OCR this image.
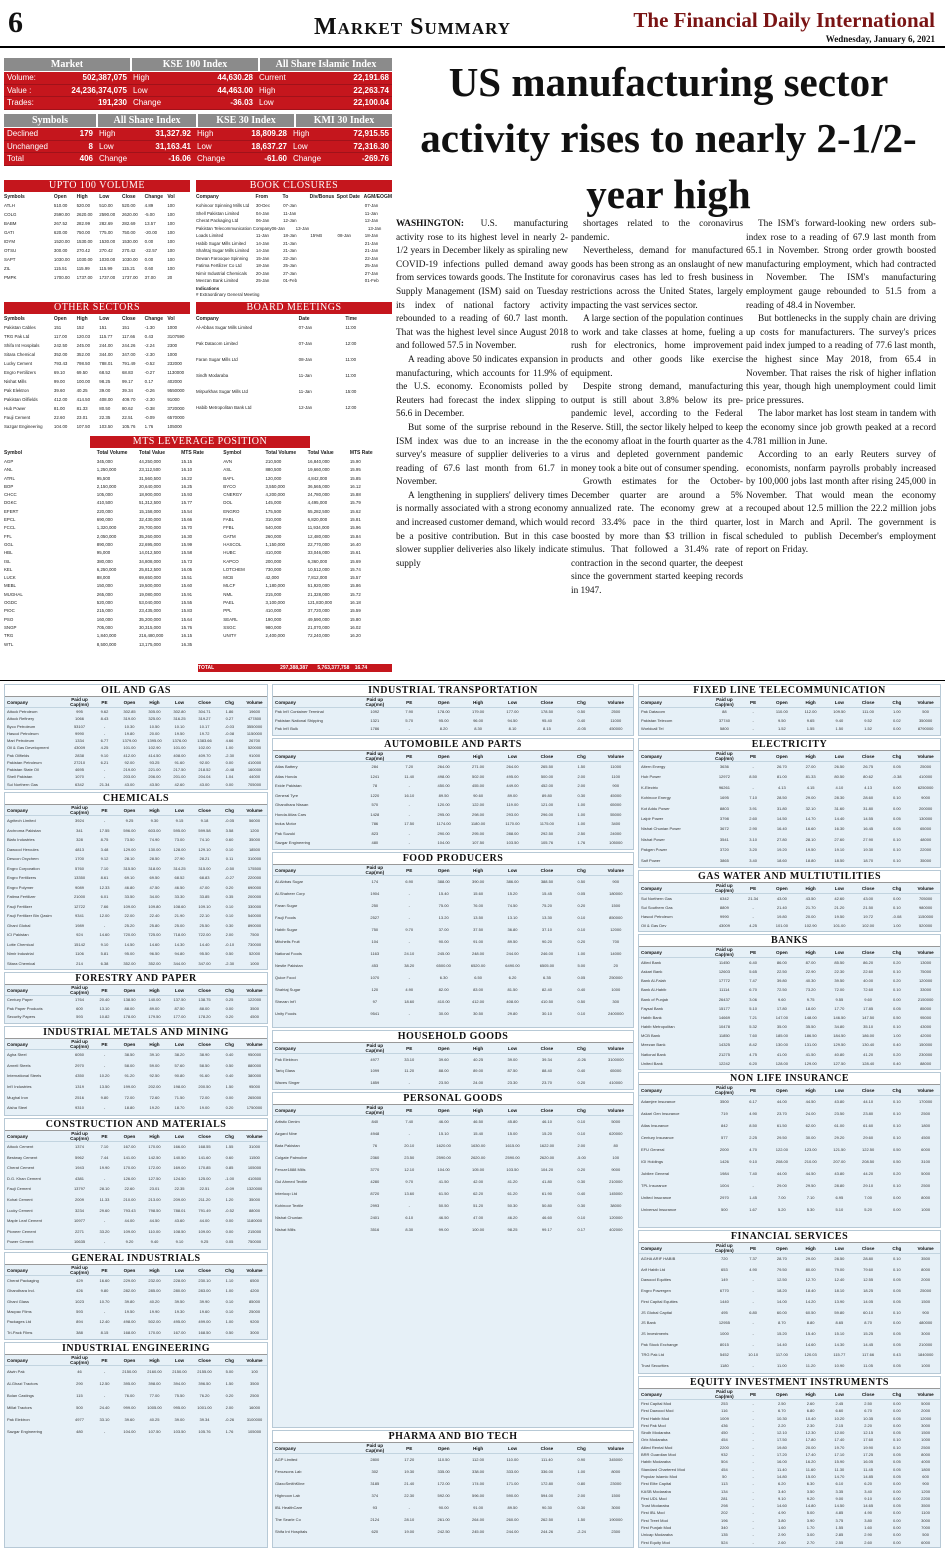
6	Market Summary	The Financial Daily International
Wednesday, January 6, 2021
Market	KSE 100 Index	All Share Islamic Index
Volume:	502,387,075 High	44,630.28 Current	22,191.68
Value :	24,236,374,075 Low	44,463.00 High	22,263.74
Trades:	191,230 Change	-36.03 Low	22,100.04
Symbols	All Share Index	KSE 30 Index	KMI 30 Index
Declined	179 High	31,327.92 High	18,809.28 High	72,915.55
Unchanged	8 Low	31,163.41 Low	18,637.27 Low	72,316.30
Total	406 Change	-16.06 Change	-61.60 Change	-269.76
UPTO 100 VOLUME
Symbols	Open	High	Low	Close	Change Vol
ATLH	510.00	520.00	510.00	520.00	4.89	100
COLG	2590.00	2620.00	2590.00	2620.00	-5.00	100
BABM	267.52	282.99	282.69	282.69	13.57	100
GATI	620.00	750.00	775.00	750.00	-20.00	100
IDYM	1520.00	1530.00	1530.00	1530.00	0.00	100
OTSU	300.00	270.42	270.42	270.42	-22.57	100
SAPT	1030.00	1030.00	1030.00	1030.00	0.00	100
ZIL	115.51	115.99	115.99	115.21	0.60	100
PMPK	1700.00	1737.00	1737.00	1737.00	37.00	20
BOOK CLOSURES
Company	From	To	Div/Bonus Spot Date AGM/EOGM
Kohinoor Spinning Mills Ltd	30-Dec	07-Jan	07-Jan
Shell Pakistan Limited	04-Jan	11-Jan	11-Jan
Cherat Packaging Ltd	06-Jan	12-Jan	12-Jan
Pakistan Telecommunication Company 06-Jan	13-Jan	13-Jan
Loads Limited	11-Jan	18-Jan	15%B	08-Jan	18-Jan
Habib Sugar Mills Limited	14-Jan	21-Jan	21-Jan
Shahtaj Sugar Mills Limited	14-Jan	21-Jan	21-Jan
Dewan Farooque Spinning	15-Jan	22-Jan	22-Jan
Fatima Fertilizer Co Ltd	18-Jan	25-Jan	25-Jan
Nimir Industrial Chemicals	20-Jan	27-Jan	27-Jan
Meezan Bank Limited	25-Jan	01-Feb	01-Feb
Indications
# Extraordinary General Meeting
OTHER SECTORS
Symbols	Open	High	Low	Close	Change Vol
Pakistan Cables	151	152	151	151	-1.30	1000
TRG Pak Ltd	117.00	120.03	115.77	117.66	0.43	3107590
Shifa Int Hospitals	242.50	245.00	244.00	244.26	-2.24	2300
Sitara Chemical	352.00	352.00	344.00	347.00	-2.30	1000
Lucky Cement	793.43	798.50	788.01	791.49	-0.52	232000
Engro Fertilizers	69.10	69.50	68.52	68.83	-0.27	1130000
Nishat Mills	99.00	100.00	98.25	99.17	0.17	402000
Pak Elektron	39.60	40.25	39.00	39.34	-0.26	9550000
Pakistan Oilfields	412.00	414.50	408.00	409.70	-2.30	91000
Hub Power	81.00	81.33	80.50	80.62	-0.38	3720000
Fauji Cement	22.60	23.01	22.35	22.51	-0.09	6570000
Sazgar Engineering	104.00	107.50	103.50	105.76	1.76	105000
BOARD MEETINGS
Company	Date	Time
Al-Abbas Sugar Mills Limited	07-Jan	11:00
Pak Datacom Limited	07-Jan	12:00
Faran Sugar Mills Ltd	08-Jan	11:00
Sindh Modaraba	11-Jan	11:00
Mirpurkhas Sugar Mills Ltd	11-Jan	15:00
Habib Metropolitan Bank Ltd	12-Jan	12:00
MTS LEVERAGE POSITION
Symbol	Total Volume	Total Value	MTS Rate	Symbol	Total Volume	Total Value	MTS Rate
AGP	345,000	44,250,000	15.15	AVN	210,500	16,840,000	15.90
ANL	1,250,000	23,112,500	16.10	ASL	880,500	19,660,000	15.95
ATRL	95,500	31,560,500	16.22	BAFL	120,000	4,842,000	15.85
BOP	2,150,000	20,640,000	16.25	BYCO	3,550,000	36,565,000	16.12
CHCC	105,000	18,900,000	15.93	CNERGY	4,200,000	24,780,000	15.88
DGKC	410,500	51,312,500	15.77	DOL	145,000	4,495,000	15.79
EFERT	220,000	15,158,000	15.54	ENGRO	175,500	55,282,500	15.62
EPCL	690,000	32,430,000	15.66	FABL	310,000	6,820,000	15.81
FCCL	1,320,000	29,700,000	15.70	FFBL	540,000	11,934,000	15.96
FFL	2,050,000	35,260,000	16.30	GATM	260,000	12,480,000	15.84
GGL	890,000	22,695,000	15.99	HASCOL	1,150,000	22,770,000	16.40
HBL	95,000	14,012,500	15.58	HUBC	410,000	33,046,000	15.61
ISL	380,000	34,808,000	15.73	KAPCO	200,000	6,360,000	15.69
KEL	6,250,000	25,812,500	16.05	LOTCHEM	730,000	10,512,000	15.74
LUCK	88,000	69,650,000	15.51	MCB	42,000	7,812,000	15.57
MEBL	150,000	19,500,000	15.60	MLCF	1,180,000	51,920,000	15.86
MUGHAL	265,000	19,080,000	15.91	NML	215,000	21,328,000	15.72
OGDC	520,000	53,040,000	15.55	PAEL	3,100,000	121,830,000	16.18
PIOC	215,000	23,435,000	15.83	PPL	410,000	37,720,000	15.59
PSO	160,000	35,200,000	15.64	SEARL	190,000	49,590,000	15.80
SNGP	705,000	30,315,000	15.76	SSGC	980,000	21,070,000	16.02
TRG	1,840,000	216,480,000	16.15	UNITY	2,400,000	72,240,000	16.20
WTL	8,500,000	13,175,000	16.35
TOTAL	297,388,387	5,763,377,758	16.74
US manufacturing sector activity rises to nearly 2-1/2-year high

WASHINGTON: U.S. manufacturing activity rose to its highest level in nearly 2-1/2 years in December likely as spiraling new COVID-19 infections pulled demand away from services towards goods. The Institute for Supply Management (ISM) said on Tuesday its index of national factory activity rebounded to a reading of 60.7 last month. That was the highest level since August 2018 and followed 57.5 in November.

A reading above 50 indicates expansion in manufacturing, which accounts for 11.9% of the U.S. economy. Economists polled by Reuters had forecast the index slipping to 56.6 in December.

But some of the surprise rebound in the ISM index was due to an increase in the survey's measure of supplier deliveries to a reading of 67.6 last month from 61.7 in November.

A lengthening in suppliers' delivery times is normally associated with a strong economy and increased customer demand, which would be a positive contribution. But in this case slower supplier deliveries also likely indicate supply

shortages related to the coronavirus pandemic.

Nevertheless, demand for manufactured goods has been strong as an onslaught of new coronavirus cases has led to fresh business restrictions across the United States, largely impacting the vast services sector.

A large section of the population continues to work and take classes at home, fueling a rush for electronics, home improvement products and other goods like exercise equipment.

Despite strong demand, manufacturing output is still about 3.8% below its pre-pandemic level, according to the Federal Reserve. Still, the sector likely helped to keep the economy afloat in the fourth quarter as the virus and depleted government pandemic money took a bite out of consumer spending.

Growth estimates for the October-December quarter are around a 5% annualized rate. The economy grew at a record 33.4% pace in the third quarter, boosted by more than $3 trillion in fiscal stimulus. That followed a 31.4% rate of contraction in the second quarter, the deepest since the government started keeping records in 1947.

The ISM's forward-looking new orders sub-index rose to a reading of 67.9 last month from 65.1 in November. Strong order growth boosted manufacturing employment, which had contracted in November. The ISM's manufacturing employment gauge rebounded to 51.5 from a reading of 48.4 in November.

But bottlenecks in the supply chain are driving up costs for manufacturers. The survey's prices paid index jumped to a reading of 77.6 last month, the highest since May 2018, from 65.4 in November. That raises the risk of higher inflation this year, though high unemployment could limit price pressures.

The labor market has lost steam in tandem with the economy since job growth peaked at a record 4.781 million in June.

According to an early Reuters survey of economists, nonfarm payrolls probably increased by 100,000 jobs last month after rising 245,000 in November. That would mean the economy recouped about 12.5 million the 22.2 million jobs lost in March and April. The government is scheduled to publish December's employment report on Friday.

OIL AND GAS
Company	Paid up Cap(mn)	PE	Open	High	Low	Close	Chg	Volume
Attock Petroleum	995	9.62	302.85	305.00	302.80	304.71	1.86	19600
Attock Refinery	1066	8.43	319.00	325.00	316.25	319.27	0.27	477800
Byco Petroleum	53107	-	10.30	10.50	10.10	10.17	-0.03	3550000
Hascol Petroleum	9990	-	19.80	20.00	19.50	19.72	-0.08	1150000
Mari Petroleum	1334	6.77	1379.00	1395.00	1376.00	1383.66	4.66	26700
Oil & Gas Development	43009	4.25	101.00	102.90	101.00	102.00	1.00	520000
Pak Oilfields	2838	9.10	412.00	414.50	408.00	409.70	-2.30	91000
Pakistan Petroleum	27210	6.21	92.00	93.25	91.60	92.00	0.00	410000
Pakistan State Oil	4695	-	219.00	221.00	217.50	218.52	-0.48	160000
Shell Pakistan	1070	-	203.00	206.00	201.00	204.04	1.04	44000
Sui Northern Gas	6342	21.34	43.00	43.50	42.60	43.00	0.00	705000
CHEMICALS
Company	Paid up Cap(mn)	PE	Open	High	Low	Close	Chg	Volume
Agritech Limited	3924	-	9.25	9.30	9.15	9.18	-0.05	56000
Archroma Pakistan	341	17.55	596.00	603.00	595.00	599.58	3.58	1200
Biafo Industries	328	8.75	73.50	74.90	73.00	74.10	0.60	35000
Dawood Hercules	4813	3.48	129.00	130.00	128.00	129.10	0.10	18500
Descon Oxychem	1700	9.12	28.10	28.50	27.90	28.21	0.11	310000
Engro Corporation	5760	7.10	315.50	318.00	314.25	315.00	-0.50	175500
Engro Fertilizers	13350	8.61	69.10	69.50	68.52	68.83	-0.27	220000
Engro Polymer	9089	12.33	46.80	47.50	46.50	47.00	0.20	690000
Fatima Fertilizer	21000	6.01	33.50	34.00	33.30	33.85	0.35	200000
Fauji Fertilizer	12722	7.66	109.00	109.80	108.60	109.10	0.10	330000
Fauji Fertilizer Bin Qasim	9341	12.00	22.00	22.40	21.90	22.10	0.10	540000
Ghani Global	1989	-	25.20	25.80	25.00	25.50	0.30	890000
ICI Pakistan	924	14.60	720.00	725.00	718.00	722.00	2.00	7500
Lotte Chemical	15142	9.10	14.50	14.60	14.30	14.40	-0.10	730000
Nimir Industrial	1106	5.81	95.00	96.50	94.80	95.50	0.50	52000
Sitara Chemical	214	6.38	352.00	352.00	344.00	347.00	-2.30	1000
FORESTRY AND PAPER
Company	Paid up Cap(mn)	PE	Open	High	Low	Close	Chg	Volume
Century Paper	1764	20.40	138.50	140.00	137.50	138.75	0.25	122000
Pak Paper Products	600	13.10	88.00	89.00	87.50	88.00	0.00	3500
Security Papers	593	10.82	178.00	179.50	177.00	178.20	0.20	4500
INDUSTRIAL METALS AND MINING
Company	Paid up Cap(mn)	PE	Open	High	Low	Close	Chg	Volume
Agha Steel	6050	-	38.50	39.10	38.20	38.90	0.40	950000
Amreli Steels	2970	-	58.00	59.00	57.60	58.50	0.50	880000
International Steels	4350	10.20	91.20	92.50	90.80	91.60	0.40	380000
Int'l Industries	1319	13.50	199.00	202.00	198.00	200.50	1.50	95000
Mughal Iron	2516	9.80	72.00	72.60	71.50	72.00	0.00	265000
Aisha Steel	9310	-	18.80	19.20	18.70	19.00	0.20	1750000
CONSTRUCTION AND MATERIALS
Company	Paid up Cap(mn)	PE	Open	High	Low	Close	Chg	Volume
Attock Cement	1374	7.10	167.00	170.00	166.00	168.55	1.55	31000
Bestway Cement	5962	7.44	141.00	142.50	140.50	141.60	0.60	11500
Cherat Cement	1943	19.90	170.00	172.00	169.00	170.85	0.85	105000
D.G. Khan Cement	4381	-	126.00	127.50	124.50	125.00	-1.00	410500
Fauji Cement	13797	28.10	22.60	23.01	22.35	22.51	-0.09	1320000
Kohat Cement	2009	11.33	210.00	213.00	209.00	211.20	1.20	35000
Lucky Cement	3234	29.60	793.43	798.50	788.01	791.49	-0.52	88000
Maple Leaf Cement	10977	-	44.00	44.50	43.60	44.00	0.00	1180000
Pioneer Cement	2271	33.20	109.00	110.00	108.50	109.00	0.00	215000
Power Cement	10635	-	9.20	9.40	9.10	9.25	0.05	750000
GENERAL INDUSTRIALS
Company	Paid up Cap(mn)	PE	Open	High	Low	Close	Chg	Volume
Cherat Packaging	429	16.60	229.00	232.00	228.00	230.10	1.10	6500
Ghandhara Ind.	426	9.80	282.00	285.00	280.00	283.00	1.00	4200
Ghani Glass	1023	10.70	39.80	40.20	39.50	39.90	0.10	85000
Macpac Films	593	-	19.50	19.90	19.30	19.60	0.10	25000
Packages Ltd	894	12.40	498.00	502.00	495.00	499.00	1.00	9200
Tri-Pack Films	388	8.15	168.00	170.00	167.00	168.50	0.50	3000
INDUSTRIAL ENGINEERING
Company	Paid up Cap(mn)	PE	Open	High	Low	Close	Chg	Volume
Alwin Pak	46	-	2150.00	2160.00	2150.00	2155.00	5.00	100
Al-Ghazi Tractors	290	12.50	395.00	398.00	394.00	396.50	1.50	3500
Bolan Castings	115	-	76.00	77.00	75.50	76.20	0.20	2500
Millat Tractors	500	24.40	999.00	1005.00	995.00	1001.00	2.00	16000
Pak Elektron	4977	33.10	39.60	40.25	39.00	39.34	-0.26	3100000
Sazgar Engineering	480	-	104.00	107.50	103.50	105.76	1.76	105000
INDUSTRIAL TRANSPORTATION
Company	Paid up Cap(mn)	PE	Open	High	Low	Close	Chg	Volume
Pak Int'l Container Terminal	1092	7.90	178.00	179.00	177.00	178.50	0.50	2500
Pakistan National Shipping	1321	5.70	95.00	96.00	94.50	95.40	0.40	11000
Pak Int'l Bulk	1786	-	8.20	8.30	8.10	8.15	-0.05	450000
AUTOMOBILE AND PARTS
Company	Paid up Cap(mn)	PE	Open	High	Low	Close	Chg	Volume
Atlas Battery	284	7.20	264.00	271.00	264.00	265.50	1.50	11000
Atlas Honda	1241	11.40	498.00	502.00	495.00	500.00	2.00	1100
Exide Pakistan	78	-	450.00	455.00	449.00	452.00	2.00	900
General Tyre	1220	16.10	89.50	90.60	89.00	89.80	0.30	45000
Ghandhara Nissan	570	-	120.00	122.00	119.00	121.00	1.00	65000
Honda Atlas Cars	1428	-	295.00	298.00	293.00	296.00	1.00	55000
Indus Motor	786	17.50	1174.00	1180.00	1170.00	1175.00	1.00	3400
Pak Suzuki	823	-	290.00	295.00	288.00	292.50	2.50	24000
Sazgar Engineering	480	-	104.00	107.50	103.50	105.76	1.76	105000
FOOD PRODUCERS
Company	Paid up Cap(mn)	PE	Open	High	Low	Close	Chg	Volume
Al-Abbas Sugar	174	6.90	388.00	390.00	386.00	388.50	0.50	900
Al-Shaheer Corp	1904	-	15.40	15.60	15.20	15.45	0.05	180000
Faran Sugar	250	-	75.00	76.00	74.50	75.20	0.20	1500
Fauji Foods	2527	-	13.20	13.50	13.10	13.30	0.10	850000
Habib Sugar	750	9.70	37.00	37.50	36.80	37.10	0.10	12000
Mitchells Fruit	104	-	90.00	91.00	89.50	90.20	0.20	700
National Foods	1163	24.10	245.00	248.00	244.00	246.00	1.00	14000
Nestle Pakistan	453	38.20	6500.00	6520.00	6490.00	6505.00	5.00	20
Quice Food	1070	-	6.30	6.50	6.20	6.35	0.05	250000
Shahtaj Sugar	120	4.90	82.00	83.00	81.50	82.40	0.40	1000
Shezan Int'l	97	18.60	410.00	412.00	408.00	410.50	0.50	300
Unity Foods	9541	-	30.00	30.50	29.80	30.10	0.10	2400000
HOUSEHOLD GOODS
Company	Paid up Cap(mn)	PE	Open	High	Low	Close	Chg	Volume
Pak Elektron	4977	33.10	39.60	40.25	39.00	39.34	-0.26	3100000
Tariq Glass	1099	11.20	88.00	89.00	87.50	88.40	0.40	65000
Waves Singer	1859	-	23.50	24.00	23.30	23.70	0.20	410000
PERSONAL GOODS
Company	Paid up Cap(mn)	PE	Open	High	Low	Close	Chg	Volume
Artistic Denim	840	7.40	46.00	46.50	45.80	46.10	0.10	5000
Azgard Nine	4948	-	15.10	15.40	15.00	15.20	0.10	620000
Bata Pakistan	76	20.10	1620.00	1630.00	1615.00	1622.00	2.00	80
Colgate Palmolive	2360	23.50	2590.00	2620.00	2590.00	2620.00	-5.00	100
Feroze1888 Mills	3770	12.10	104.00	105.00	103.50	104.20	0.20	9000
Gul Ahmed Textile	4280	9.70	41.50	42.00	41.20	41.80	0.30	210000
Interloop Ltd	8720	13.60	61.50	62.20	61.20	61.90	0.40	145000
Kohinoor Textile	2993	-	50.50	51.20	50.30	50.80	0.30	38000
Nishat Chunian	2401	6.10	46.50	47.00	46.20	46.60	0.10	120000
Nishat Mills	3516	8.30	99.00	100.00	98.25	99.17	0.17	402000
PHARMA AND BIO TECH
Company	Paid up Cap(mn)	PE	Open	High	Low	Close	Chg	Volume
AGP Limited	2800	17.20	110.50	112.00	110.00	111.40	0.90	345000
Ferozsons Lab	302	19.30	335.00	338.00	333.00	336.00	1.00	8000
GlaxoSmithKline	3185	21.40	172.00	174.00	171.00	172.80	0.80	23000
Highnoon Lab	374	22.30	592.00	596.00	590.00	594.00	2.00	1500
IBL HealthCare	93	-	90.00	91.00	89.50	90.30	0.30	3000
The Searle Co	2124	28.10	261.00	264.00	260.00	262.50	1.50	190000
Shifa Int Hospitals	620	19.00	242.50	245.00	244.00	244.26	-2.24	2300
FIXED LINE TELECOMMUNICATION
Company	Paid up Cap(mn)	PE	Open	High	Low	Close	Chg	Volume
Pak Datacom	88	-	110.00	112.00	109.50	111.00	1.00	500
Pakistan Telecom	37740	-	9.50	9.65	9.40	9.52	0.02	350000
Worldcall Tel	5800	-	1.52	1.55	1.50	1.52	0.00	8790000
ELECTRICITY
Company	Paid up Cap(mn)	PE	Open	High	Low	Close	Chg	Volume
Altern Energy	3636	-	26.70	27.00	26.50	26.75	0.05	25000
Hub Power	12972	8.50	81.00	81.33	80.50	80.62	-0.38	410000
K-Electric	96261	-	4.13	4.15	4.10	4.13	0.00	6250000
Kohinoor Energy	1695	7.10	28.50	29.00	28.30	28.60	0.10	9000
Kot Addu Power	8803	3.91	31.80	32.10	31.60	31.80	0.00	200000
Lalpir Power	3798	2.60	14.50	14.70	14.40	14.55	0.05	130000
Nishat Chunian Power	3672	2.90	16.40	16.60	16.30	16.45	0.05	65000
Nishat Power	3541	3.10	27.80	28.10	27.60	27.90	0.10	48000
Pakgen Power	3720	3.20	19.20	19.50	19.10	19.30	0.10	22000
Saif Power	3865	3.40	18.60	18.80	18.50	18.70	0.10	35000
GAS WATER AND MULTIUTILITIES
Company	Paid up Cap(mn)	PE	Open	High	Low	Close	Chg	Volume
Sui Northern Gas	6342	21.34	43.00	43.50	42.60	43.00	0.00	705000
Sui Southern Gas	8809	-	21.40	21.70	21.20	21.50	0.10	980000
Hascol Petroleum	9990	-	19.80	20.00	19.50	19.72	-0.08	1150000
Oil & Gas Dev	43009	4.25	101.00	102.90	101.00	102.00	1.00	520000
BANKS
Company	Paid up Cap(mn)	PE	Open	High	Low	Close	Chg	Volume
Allied Bank	11450	6.40	86.00	87.00	85.50	86.20	0.20	13000
Askari Bank	12603	5.65	22.50	22.90	22.30	22.60	0.10	75000
Bank Al-Falah	17772	7.47	39.80	40.30	39.50	40.00	0.20	120000
Bank Al-Habib	11114	6.70	72.50	73.20	72.00	72.60	0.10	33000
Bank of Punjab	26437	3.06	9.60	9.75	9.55	9.60	0.00	2150000
Faysal Bank	15177	5.10	17.80	18.00	17.70	17.85	0.05	85000
Habib Bank	14669	7.21	147.00	148.00	146.50	147.50	0.50	95000
Habib Metropolitan	10478	5.32	35.00	35.50	34.80	35.10	0.10	43000
MCB Bank	11850	7.60	185.00	186.50	184.50	186.00	1.00	42000
Meezan Bank	14325	8.42	130.00	131.00	129.50	130.40	0.40	150000
National Bank	21275	4.75	41.00	41.50	40.80	41.20	0.20	230000
United Bank	12242	6.20	128.00	129.00	127.50	128.40	0.40	88000
NON LIFE INSURANCE
Company	Paid up Cap(mn)	PE	Open	High	Low	Close	Chg	Volume
Adamjee Insurance	3500	6.17	44.00	44.50	43.80	44.10	0.10	170000
Askari Gen Insurance	719	4.90	23.70	24.00	23.50	23.80	0.10	2500
Atlas Insurance	842	8.50	61.50	62.00	61.00	61.60	0.10	1800
Century Insurance	577	2.25	29.50	30.00	29.20	29.60	0.10	4500
EFU General	2000	4.70	122.00	123.00	121.50	122.50	0.50	6000
IGI Holdings	1426	9.10	208.00	210.00	207.00	208.50	0.50	3100
Jubilee General	1984	7.40	44.00	44.50	43.80	44.20	0.20	5000
TPL Insurance	1004	-	29.00	29.50	28.80	29.10	0.10	2500
United Insurance	2970	1.45	7.00	7.10	6.95	7.00	0.00	8000
Universal Insurance	500	1.67	5.20	5.30	5.10	5.20	0.00	1000
FINANCIAL SERVICES
Company	Paid up Cap(mn)	PE	Open	High	Low	Close	Chg	Volume
AGHA ARIF HABIB	720	7.37	28.70	29.00	28.50	28.80	0.10	3500
Arif Habib Ltd	653	4.90	79.50	80.00	79.00	79.60	0.10	8000
Dawood Equities	149	-	12.50	12.70	12.40	12.55	0.05	2000
Engro Powergen	6770	-	18.20	18.40	18.10	18.25	0.05	25000
First Capital Equities	1440	-	14.00	14.20	13.90	14.05	0.05	1500
JS Global Capital	495	6.80	60.00	60.50	59.80	60.10	0.10	900
JS Bank	12955	-	8.70	8.80	8.65	8.70	0.00	480000
JS Investments	1000	-	15.20	15.40	15.10	15.25	0.05	3000
Pak Stock Exchange	8015	-	14.40	14.60	14.30	14.45	0.05	210000
TRG Pak Ltd	5452	10.10	117.00	120.03	115.77	117.66	0.43	1840000
Trust Securities	1180	-	11.00	11.20	10.90	11.05	0.05	1000
EQUITY INVESTMENT INSTRUMENTS
Company	Paid up Cap(mn)	PE	Open	High	Low	Close	Chg	Volume
First Capital Mod	253	-	2.50	2.60	2.45	2.50	0.00	5000
First Dawood Mod	116	-	6.70	6.80	6.60	6.70	0.00	2000
First Habib Mod	1009	-	10.30	10.40	10.20	10.35	0.05	12000
First Pak Mod	436	-	2.20	2.30	2.15	2.20	0.00	3000
Sindh Modaraba	450	-	12.10	12.30	12.00	12.15	0.05	1500
Orix Modaraba	454	-	17.50	17.80	17.40	17.60	0.10	1000
Allied Rental Mod	2200	-	19.80	20.00	19.70	19.90	0.10	2500
BRR Guardian Mod	932	-	17.20	17.40	17.10	17.25	0.05	8000
Habib Modaraba	504	-	16.00	16.20	15.90	16.05	0.05	4000
Standard Chartered Mod	454	-	11.40	11.60	11.30	11.45	0.05	1800
Popular Islamic Mod	50	-	14.80	15.00	14.70	14.85	0.05	600
First Elite Capital	113	-	6.20	6.30	6.10	6.20	0.00	900
KASB Modaraba	134	-	3.40	3.50	3.35	3.40	0.00	1200
First UDL Mod	281	-	9.10	9.20	9.00	9.10	0.00	2200
Trust Modaraba	298	-	14.60	14.80	14.50	14.65	0.05	3500
First IBL Mod	202	-	4.90	5.00	4.85	4.90	0.00	1100
First Treet Mod	196	-	3.80	3.90	3.75	3.80	0.00	3000
First Punjab Mod	340	-	1.60	1.70	1.55	1.60	0.00	7000
Unicap Modaraba	135	-	2.90	3.00	2.85	2.90	0.00	500
First Equity Mod	524	-	2.60	2.70	2.55	2.60	0.00	6000
